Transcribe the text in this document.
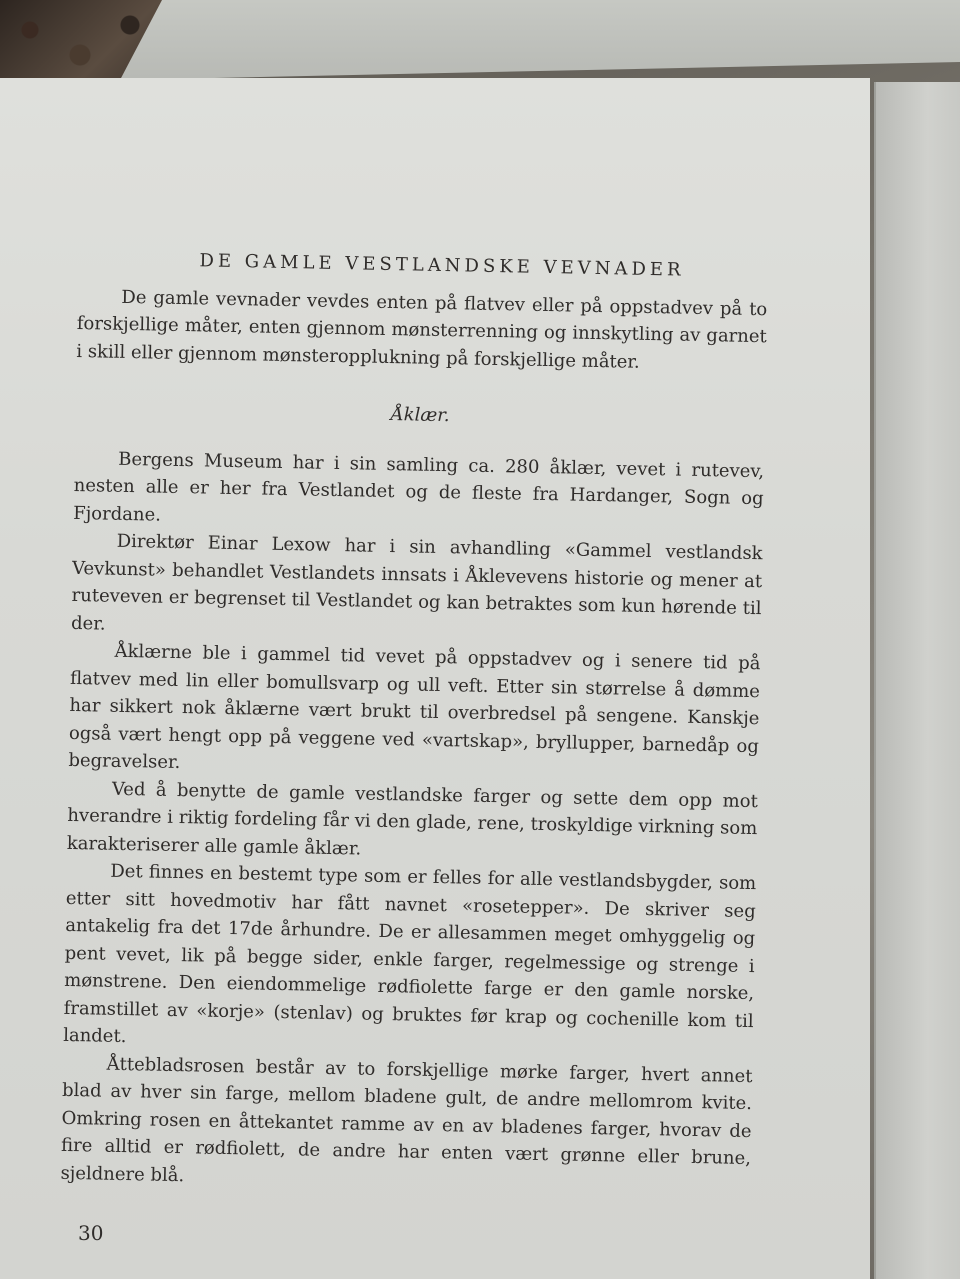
DE GAMLE VESTLANDSKE VEVNADER

De gamle vevnader vevdes enten på flatvev eller på oppstadvev på to forskjellige måter, enten gjennom mønsterrenning og innskytling av garnet i skill eller gjennom mønsteropplukning på forskjellige måter.

Åklær.

Bergens Museum har i sin samling ca. 280 åklær, vevet i rutevev, nesten alle er her fra Vestlandet og de fleste fra Hardanger, Sogn og Fjordane.

Direktør Einar Lexow har i sin avhandling «Gammel vestlandsk Vevkunst» behandlet Vestlandets innsats i Åklevevens historie og mener at ruteveven er begrenset til Vestlandet og kan betraktes som kun hørende til der.

Åklærne ble i gammel tid vevet på oppstadvev og i senere tid på flatvev med lin eller bomullsvarp og ull veft. Etter sin størrelse å dømme har sikkert nok åklærne vært brukt til overbredsel på sengene. Kanskje også vært hengt opp på veggene ved «vartskap», bryllupper, barnedåp og begravelser.

Ved å benytte de gamle vestlandske farger og sette dem opp mot hverandre i riktig fordeling får vi den glade, rene, troskyldige virkning som karakteriserer alle gamle åklær.

Det finnes en bestemt type som er felles for alle vestlandsbygder, som etter sitt hovedmotiv har fått navnet «rosetepper». De skriver seg antakelig fra det 17de århundre. De er allesammen meget omhyggelig og pent vevet, lik på begge sider, enkle farger, regelmessige og strenge i mønstrene. Den eiendommelige rødfiolette farge er den gamle norske, framstillet av «korje» (stenlav) og bruktes før krap og cochenille kom til landet.

Åttebladsrosen består av to forskjellige mørke farger, hvert annet blad av hver sin farge, mellom bladene gult, de andre mellomrom kvite. Omkring rosen en åttekantet ramme av en av bladenes farger, hvorav de fire alltid er rødfiolett, de andre har enten vært grønne eller brune, sjeldnere blå.

30
